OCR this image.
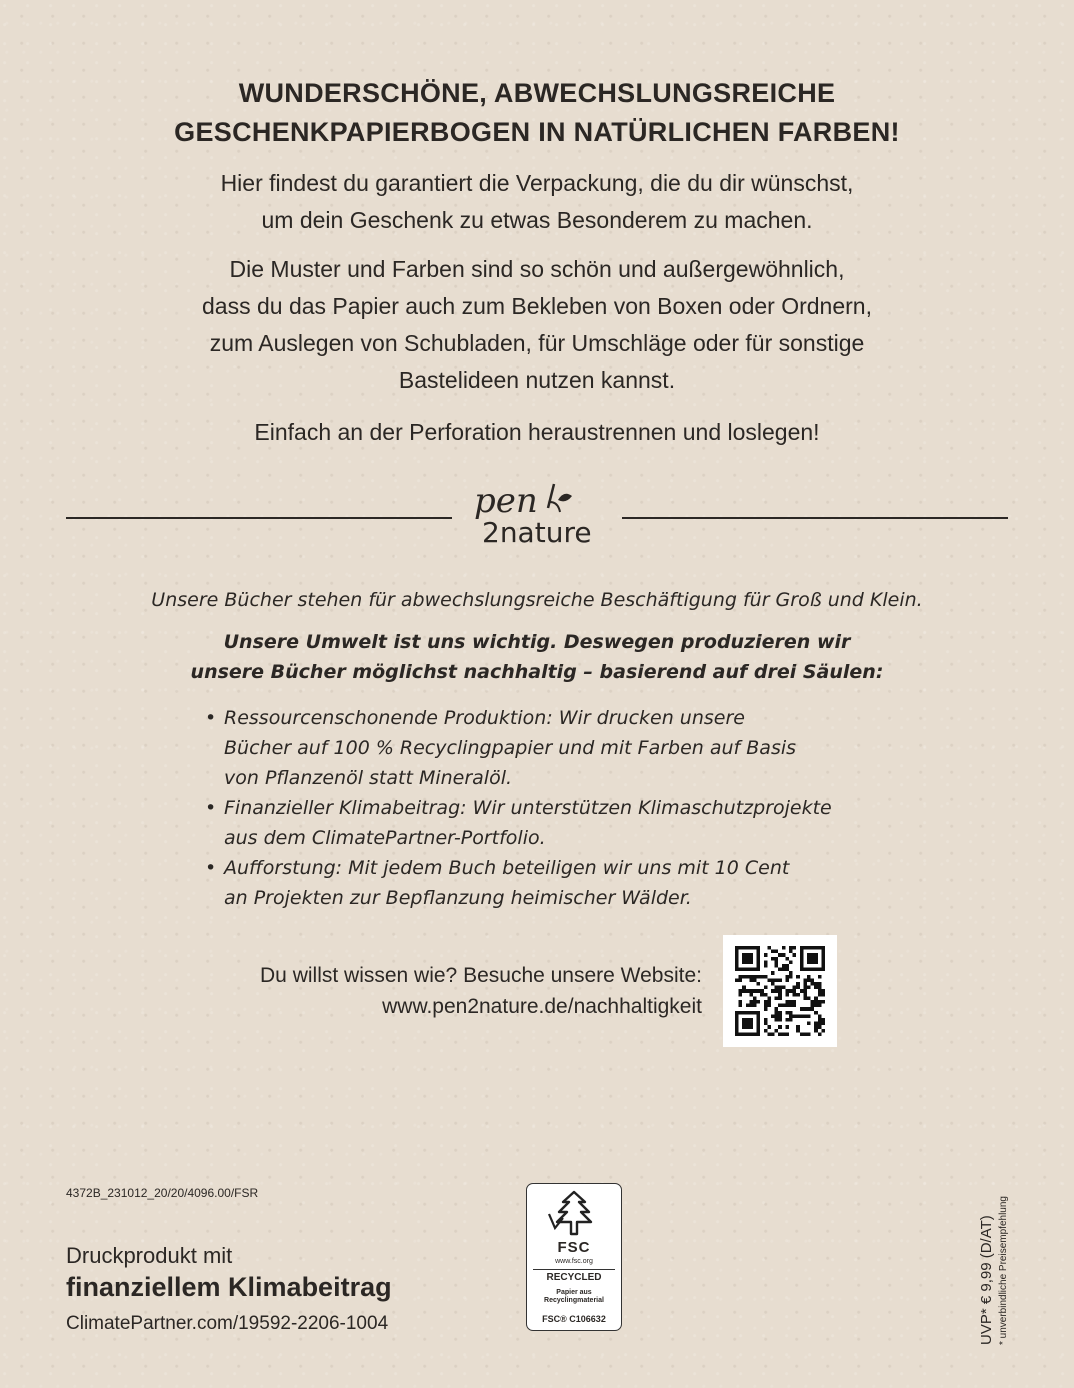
WUNDERSCHÖNE, ABWECHSLUNGSREICHE
GESCHENKPAPIERBOGEN IN NATÜRLICHEN FARBEN!
Hier findest du garantiert die Verpackung, die du dir wünschst,
um dein Geschenk zu etwas Besonderem zu machen.
Die Muster und Farben sind so schön und außergewöhnlich,
dass du das Papier auch zum Bekleben von Boxen oder Ordnern,
zum Auslegen von Schubladen, für Umschläge oder für sonstige
Bastelideen nutzen kannst.
Einfach an der Perforation heraustrennen und loslegen!
pen
2nature
Unsere Bücher stehen für abwechslungsreiche Beschäftigung für Groß und Klein.
Unsere Umwelt ist uns wichtig. Deswegen produzieren wir
unsere Bücher möglichst nachhaltig – basierend auf drei Säulen:
• Ressourcenschonende Produktion: Wir drucken unsere
Bücher auf 100 % Recyclingpapier und mit Farben auf Basis
von Pflanzenöl statt Mineralöl.
• Finanzieller Klimabeitrag: Wir unterstützen Klimaschutzprojekte
aus dem ClimatePartner-Portfolio.
• Aufforstung: Mit jedem Buch beteiligen wir uns mit 10 Cent
an Projekten zur Bepflanzung heimischer Wälder.
Du willst wissen wie? Besuche unsere Website:
www.pen2nature.de/nachhaltigkeit
4372B_231012_20/20/4096.00/FSR
Druckprodukt mit
finanziellem Klimabeitrag
ClimatePartner.com/19592-2206-1004
FSC
www.fsc.org
RECYCLED
Papier aus
Recyclingmaterial
FSC® C106632	UVP* € 9,99 (D/AT) * unverbindliche Preisempfehlung
